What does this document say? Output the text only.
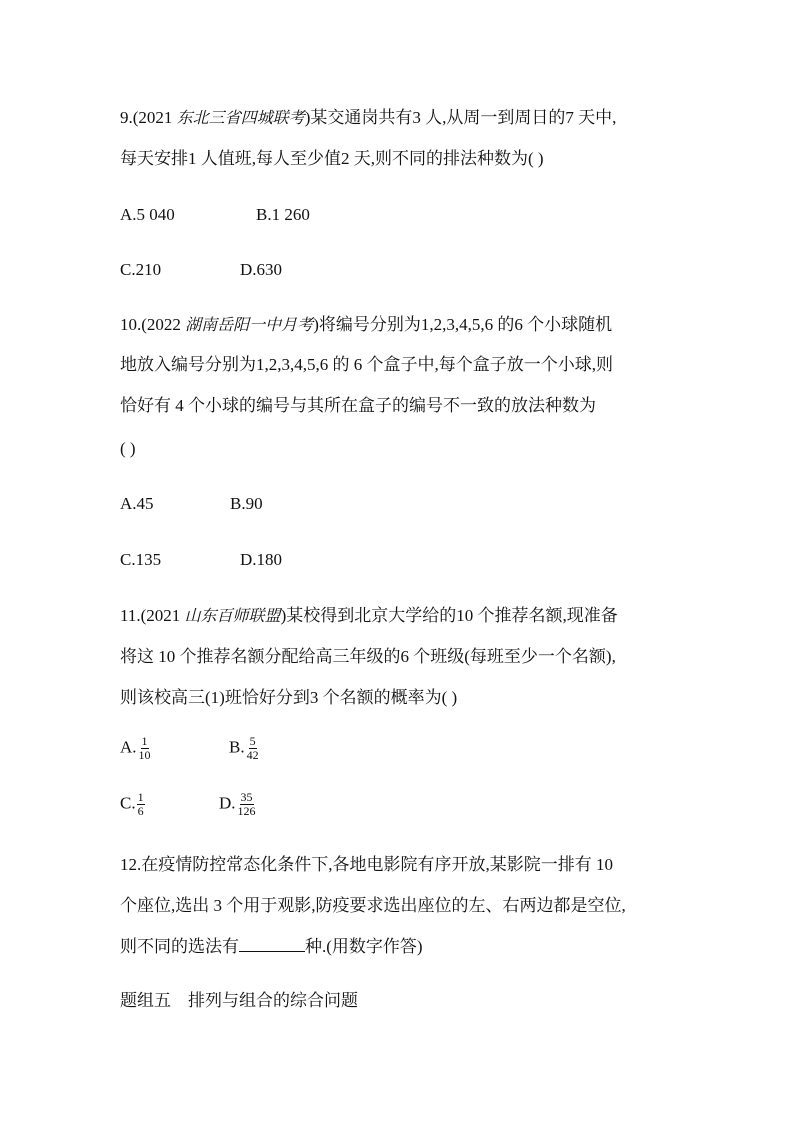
9.(2021 东北三省四城联考)某交通岗共有3 人,从周一到周日的7 天中,
每天安排1 人值班,每人至少值2 天,则不同的排法种数为( )
A.5 040	B.1 260
C.210	D.630
10.(2022 湖南岳阳一中月考)将编号分别为1,2,3,4,5,6 的6 个小球随机
地放入编号分别为1,2,3,4,5,6 的 6 个盒子中,每个盒子放一个小球,则
恰好有 4 个小球的编号与其所在盒子的编号不一致的放法种数为
( )
A.45	B.90
C.135	D.180
11.(2021 山东百师联盟)某校得到北京大学给的10 个推荐名额,现准备
将这 10 个推荐名额分配给高三年级的6 个班级(每班至少一个名额),
则该校高三(1)班恰好分到3 个名额的概率为( )
A. $\frac{1}{10}$	B. $\frac{5}{42}$
C. $\frac{1}{6}$	D. $\frac{35}{126}$
12.在疫情防控常态化条件下,各地电影院有序开放,某影院一排有 10
个座位,选出 3 个用于观影,防疫要求选出座位的左、右两边都是空位,
则不同的选法有	种.(用数字作答)
题组五　排列与组合的综合问题
